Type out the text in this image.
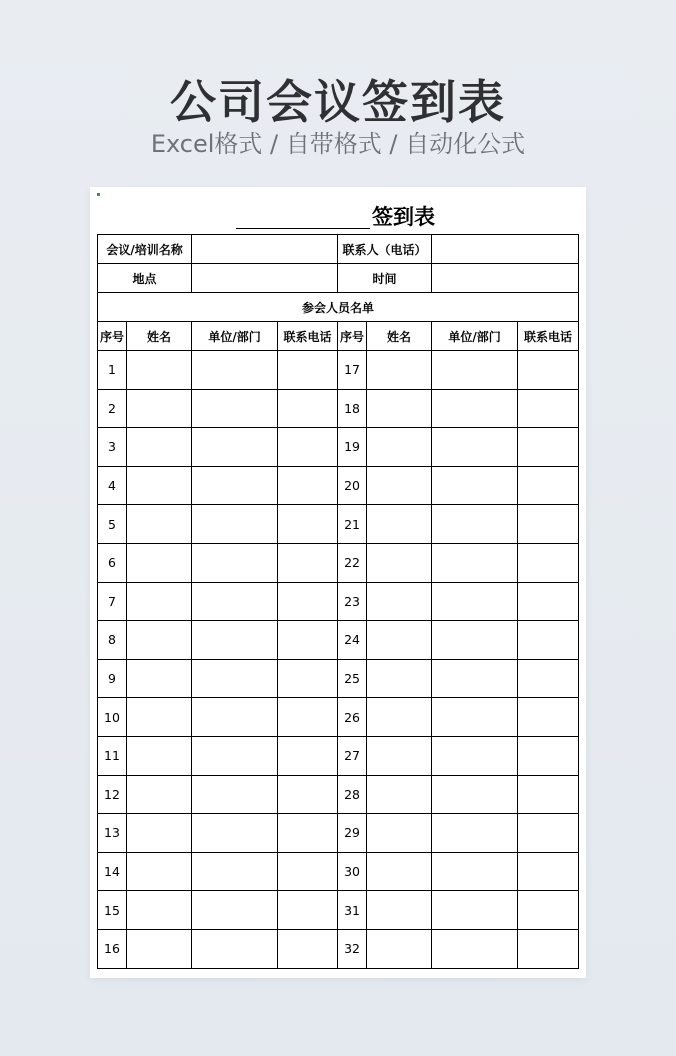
公司会议签到表
Excel格式 / 自带格式 / 自动化公式
签到表
会议/培训名称				联系人（电话）			
地点				时间			
参会人员名单							
序号	姓名	单位/部门	联系电话	序号	姓名	单位/部门	联系电话
1				17			
2				18			
3				19			
4				20			
5				21			
6				22			
7				23			
8				24			
9				25			
10				26			
11				27			
12				28			
13				29			
14				30			
15				31			
16				32			
